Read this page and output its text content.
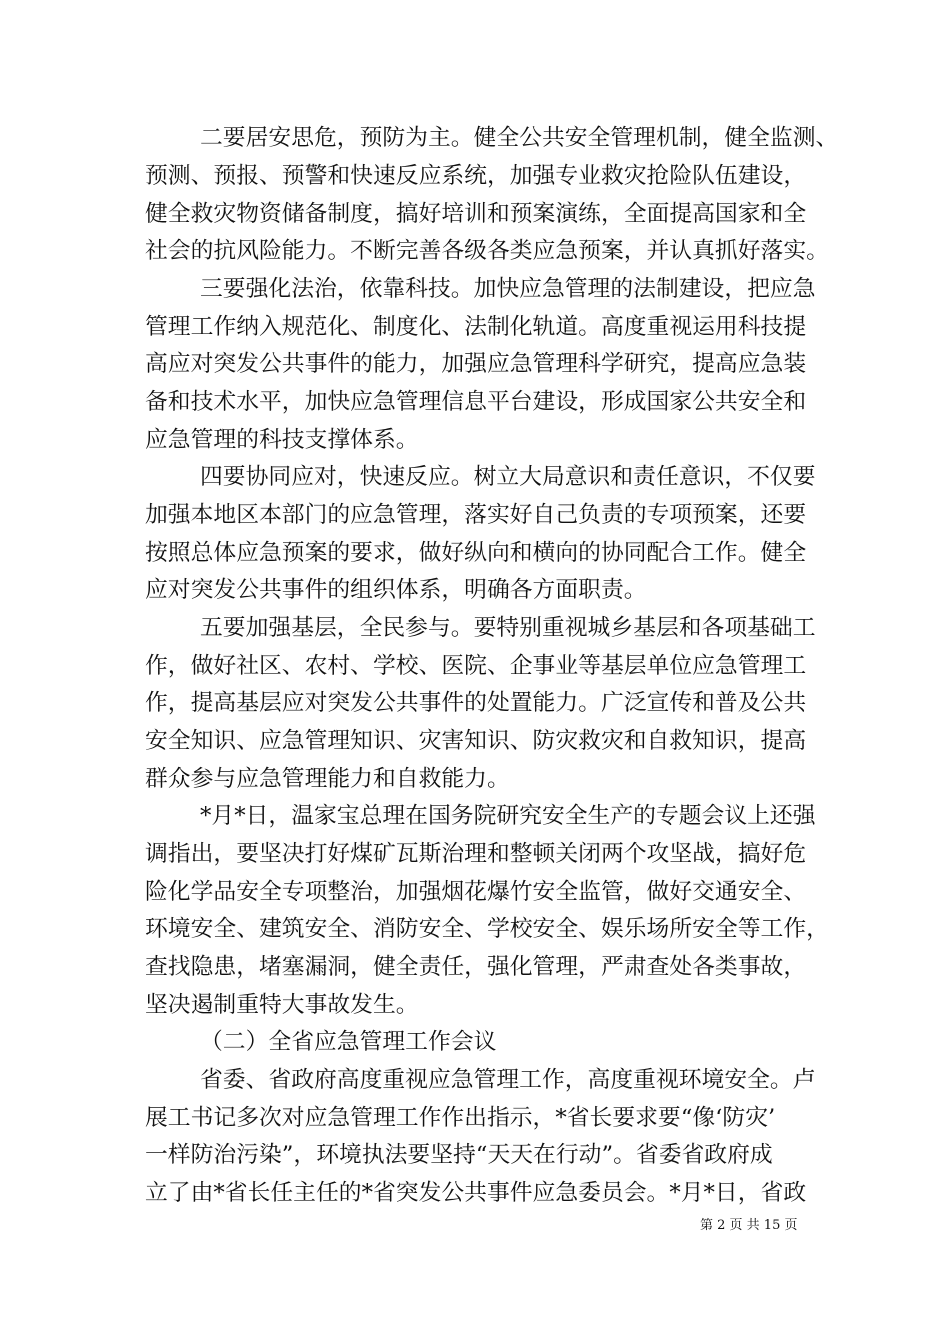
二要居安思危，预防为主。健全公共安全管理机制，健全监测、
预测、预报、预警和快速反应系统，加强专业救灾抢险队伍建设，
健全救灾物资储备制度，搞好培训和预案演练，全面提高国家和全
社会的抗风险能力。不断完善各级各类应急预案，并认真抓好落实。
三要强化法治，依靠科技。加快应急管理的法制建设，把应急
管理工作纳入规范化、制度化、法制化轨道。高度重视运用科技提
高应对突发公共事件的能力，加强应急管理科学研究，提高应急装
备和技术水平，加快应急管理信息平台建设，形成国家公共安全和
应急管理的科技支撑体系。
四要协同应对，快速反应。树立大局意识和责任意识，不仅要
加强本地区本部门的应急管理，落实好自己负责的专项预案，还要
按照总体应急预案的要求，做好纵向和横向的协同配合工作。健全
应对突发公共事件的组织体系，明确各方面职责。
五要加强基层，全民参与。要特别重视城乡基层和各项基础工
作，做好社区、农村、学校、医院、企事业等基层单位应急管理工
作，提高基层应对突发公共事件的处置能力。广泛宣传和普及公共
安全知识、应急管理知识、灾害知识、防灾救灾和自救知识，提高
群众参与应急管理能力和自救能力。
*月*日，温家宝总理在国务院研究安全生产的专题会议上还强
调指出，要坚决打好煤矿瓦斯治理和整顿关闭两个攻坚战，搞好危
险化学品安全专项整治，加强烟花爆竹安全监管，做好交通安全、
环境安全、建筑安全、消防安全、学校安全、娱乐场所安全等工作，
查找隐患，堵塞漏洞，健全责任，强化管理，严肃查处各类事故，
坚决遏制重特大事故发生。
（二）全省应急管理工作会议
省委、省政府高度重视应急管理工作，高度重视环境安全。卢
展工书记多次对应急管理工作作出指示，*省长要求要“像‘防灾’
一样防治污染”，环境执法要坚持“天天在行动”。省委省政府成
立了由*省长任主任的*省突发公共事件应急委员会。*月*日，省政
第 2 页 共 15 页
